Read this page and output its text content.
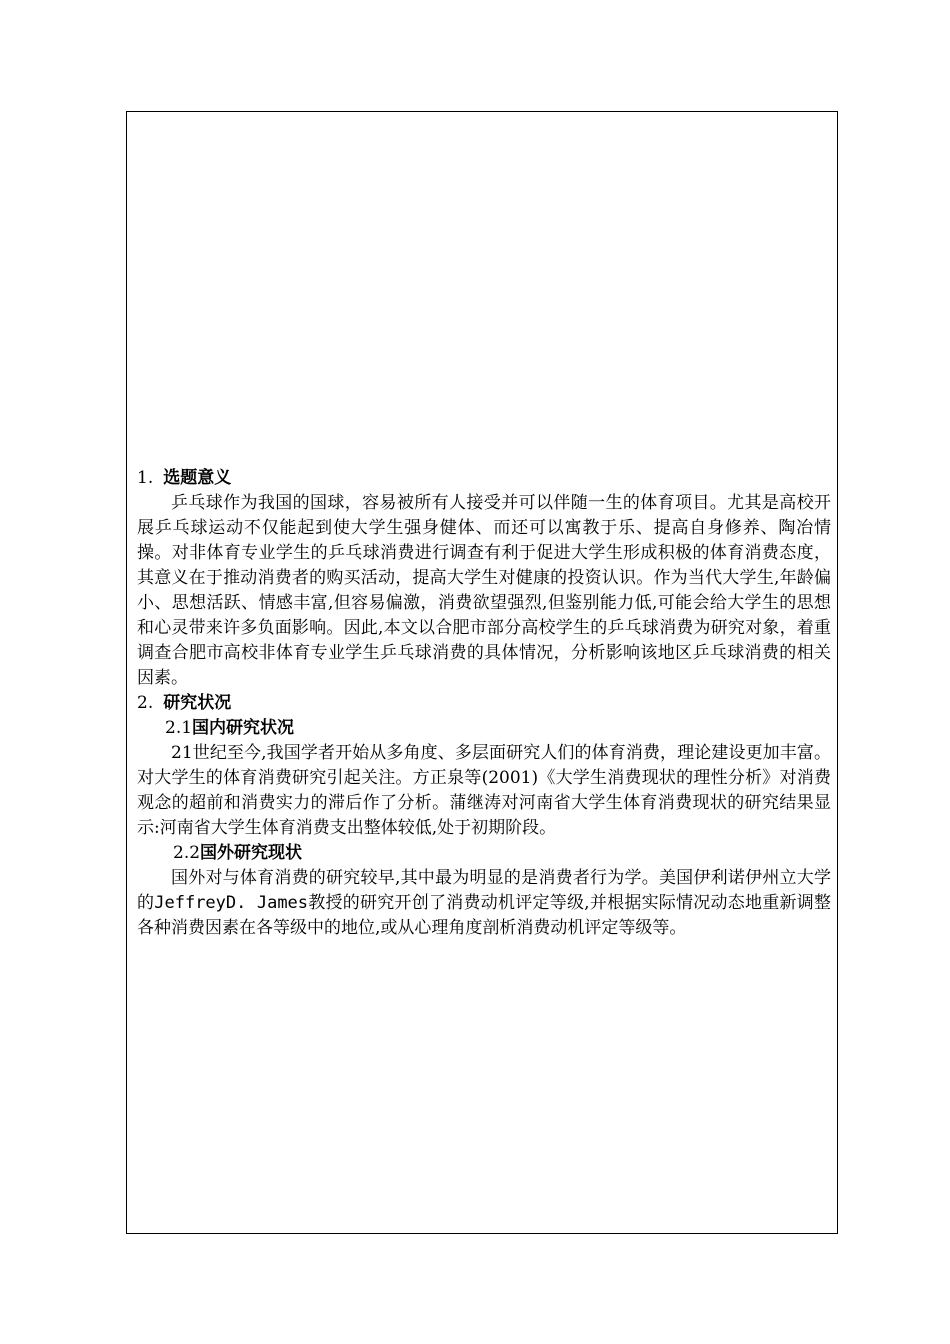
1. 选题意义

乒乓球作为我国的国球，容易被所有人接受并可以伴随一生的体育项目。尤其是高校开展乒乓球运动不仅能起到使大学生强身健体、而还可以寓教于乐、提高自身修养、陶冶情操。对非体育专业学生的乒乓球消费进行调查有利于促进大学生形成积极的体育消费态度，其意义在于推动消费者的购买活动，提高大学生对健康的投资认识。作为当代大学生,年龄偏小、思想活跃、情感丰富,但容易偏激，消费欲望强烈,但鉴别能力低,可能会给大学生的思想和心灵带来许多负面影响。因此,本文以合肥市部分高校学生的乒乓球消费为研究对象，着重调查合肥市高校非体育专业学生乒乓球消费的具体情况，分析影响该地区乒乓球消费的相关因素。

2. 研究状况

2.1国内研究状况

21世纪至今,我国学者开始从多角度、多层面研究人们的体育消费，理论建设更加丰富。对大学生的体育消费研究引起关注。方正泉等(2001)《大学生消费现状的理性分析》对消费观念的超前和消费实力的滞后作了分析。蒲继涛对河南省大学生体育消费现状的研究结果显示:河南省大学生体育消费支出整体较低,处于初期阶段。

2.2国外研究现状

国外对与体育消费的研究较早,其中最为明显的是消费者行为学。美国伊利诺伊州立大学的JeffreyD. James教授的研究开创了消费动机评定等级,并根据实际情况动态地重新调整各种消费因素在各等级中的地位,或从心理角度剖析消费动机评定等级等。
